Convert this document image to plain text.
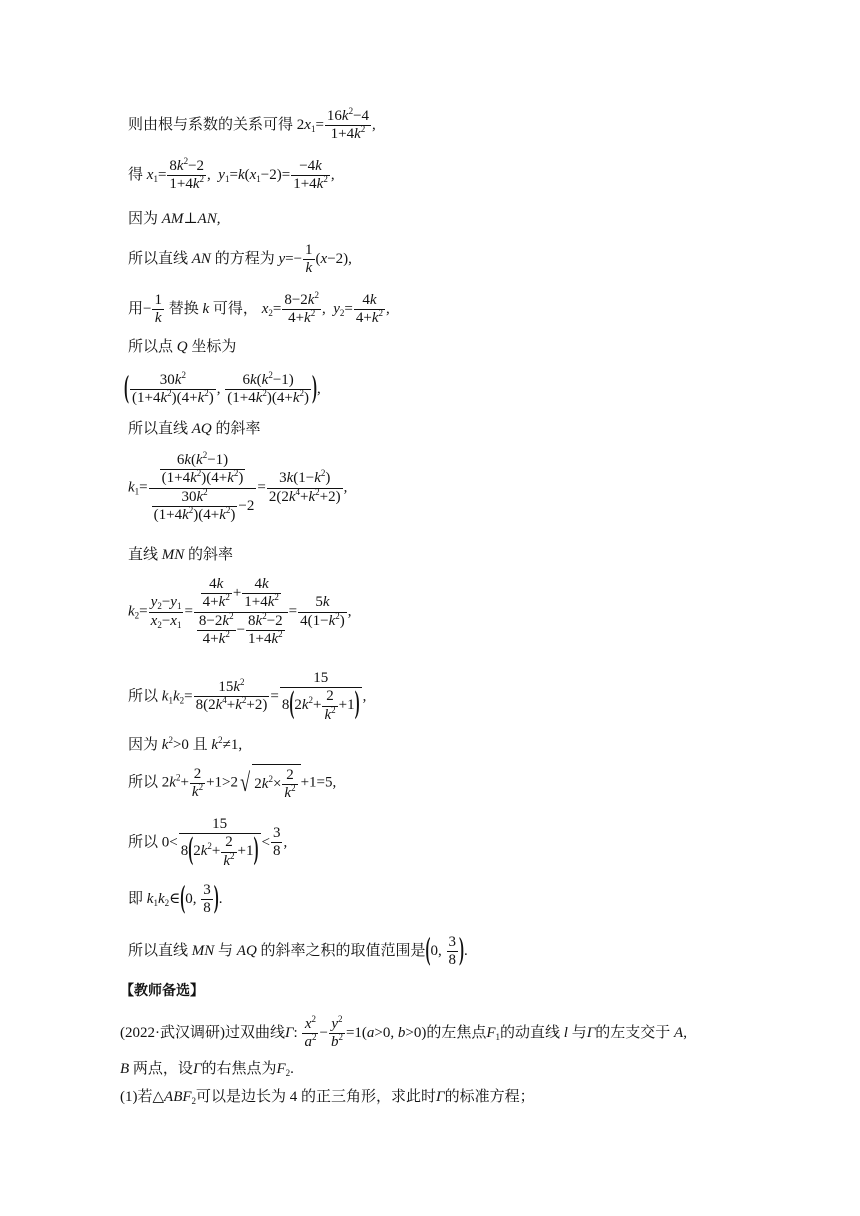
则由根与系数的关系可得 $2x_1= \frac{16k^2-4}{1+4k^2}$ ,
得 $x_1= \frac{8k^2-2}{1+4k^2}$ ,  $y_1=k(x_1-2)= \frac{-4k}{1+4k^2}$ ,
因为 AM⊥AN,
所以直线 AN 的方程为 $y=- \frac{1}{k} (x-2)$,
用− $\frac{1}{k}$ 替换 k 可得， $x_2= \frac{8-2k^2}{4+k^2}$ ,  $y_2= \frac{4k}{4+k^2}$ ,
所以点 Q 坐标为
( $\frac{30k^2}{(1+4k^2)(4+k^2)}$ , $\frac{6k(k^2-1)}{(1+4k^2)(4+k^2)}$ ),
所以直线 AQ 的斜率
$k_1= \frac{\frac{6k(k^2-1)}{(1+4k^2)(4+k^2)}}{\frac{30k^2}{(1+4k^2)(4+k^2)} -2} = \frac{3k(1-k^2)}{2(2k^4+k^2+2)}$ ,
直线 MN 的斜率
$k_2= \frac{y_2-y_1}{x_2-x_1} = \frac{\frac{4k}{4+k^2} + \frac{4k}{1+4k^2}}{\frac{8-2k^2}{4+k^2} - \frac{8k^2-2}{1+4k^2}} = \frac{5k}{4(1-k^2)}$ ,
所以 $k_1k_2= \frac{15k^2}{8(2k^4+k^2+2)} = \frac{15}{8(2k^2+ \frac{2}{k^2} +1)}$ ,
因为 $k^2>0$ 且 $k^2\ne 1$,
所以 $2k^2+ \frac{2}{k^2} +1>2√$ $2k^2\times \frac{2}{k^2} +1=5$,
所以 $0< \frac{15}{8(2k^2+ \frac{2}{k^2} +1)} < \frac{3}{8}$ ,
即 $k_1k_2\in(0$, $\frac{3}{8}$ ).
所以直线 MN 与 AQ 的斜率之积的取值范围是(0, $\frac{3}{8}$ ).
【教师备选】
(2022·武汉调研)过双曲线Γ: $\frac{x^2}{a^2} - \frac{y^2}{b^2} =1(a>0$, b>0)的左焦点$F_1$的动直线 l 与Γ的左支交于 A,
B 两点，设Γ的右焦点为$F_2$.
(1)若$\triangle ABF_2$可以是边长为 4 的正三角形，求此时Γ的标准方程；
